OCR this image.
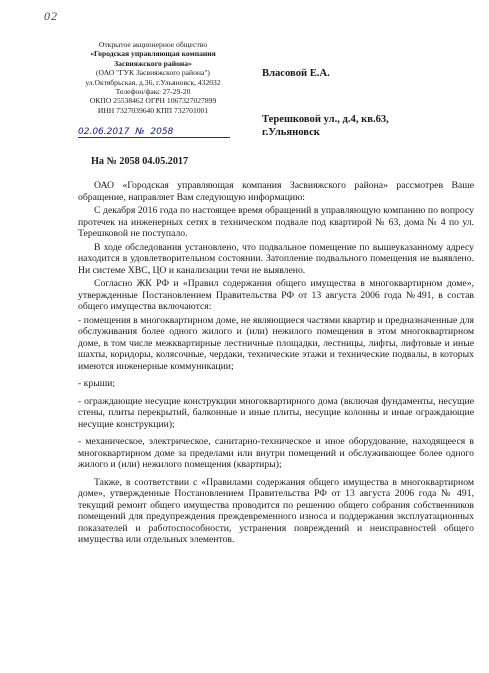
02
Открытое акционерное общество
«Городская управляющая компания
Засвияжского района»
(ОАО "ГУК Засвияжского района")
ул.Октябрьская, д.36, г.Ульяновск, 432032
Телефон/факс 27-29-20
ОКПО 25538462 ОГРН 1067327027899
ИНН 7327039640 КПП 732701001
02.06.2017 № 2058
На № 2058 04.05.2017
Власовой Е.А.
Терешковой ул., д.4, кв.63,
г.Ульяновск

ОАО «Городская управляющая компания Засвияжского района» рассмотрев Ваше обращение, направляет Вам следующую информацию:

С декабря 2016 года по настоящее время обращений в управляющую компанию по вопросу протечек на инженерных сетях в техническом подвале под квартирой № 63, дома № 4 по ул. Терешковой не поступало.

В ходе обследования установлено, что подвальное помещение по вышеуказанному адресу находится в удовлетворительном состоянии. Затопление подвального помещения не выявлено. Ни системе ХВС, ЦО и канализации течи не выявлено.

Согласно ЖК РФ и «Правил содержания общего имущества в многоквартирном доме», утвержденные Постановлением Правительства РФ от 13 августа 2006 года №491, в состав общего имущества включаются:

- помещения в многоквартирном доме, не являющиеся частями квартир и предназначенные для обслуживания более одного жилого и (или) нежилого помещения в этом многоквартирном доме, в том числе межквартирные лестничные площадки, лестницы, лифты, лифтовые и иные шахты, коридоры, колясочные, чердаки, технические этажи и технические подвалы, в которых имеются инженерные коммуникации;

- крыши;

- ограждающие несущие конструкции многоквартирного дома (включая фундаменты, несущие стены, плиты перекрытий, балконные и иные плиты, несущие колонны и иные ограждающие несущие конструкции);

- механическое, электрическое, санитарно-техническое и иное оборудование, находящееся в многоквартирном доме за пределами или внутри помещений и обслуживающее более одного жилого и (или) нежилого помещения (квартиры);

Также, в соответствии с «Правилами содержания общего имущества в многоквартирном доме», утвержденные Постановлением Правительства РФ от 13 августа 2006 года № 491, текущий ремонт общего имущества проводится по решению общего собрания собственников помещений для предупреждения преждевременного износа и поддержания эксплуатационных показателей и работоспособности, устранения повреждений и неисправностей общего имущества или отдельных элементов.
